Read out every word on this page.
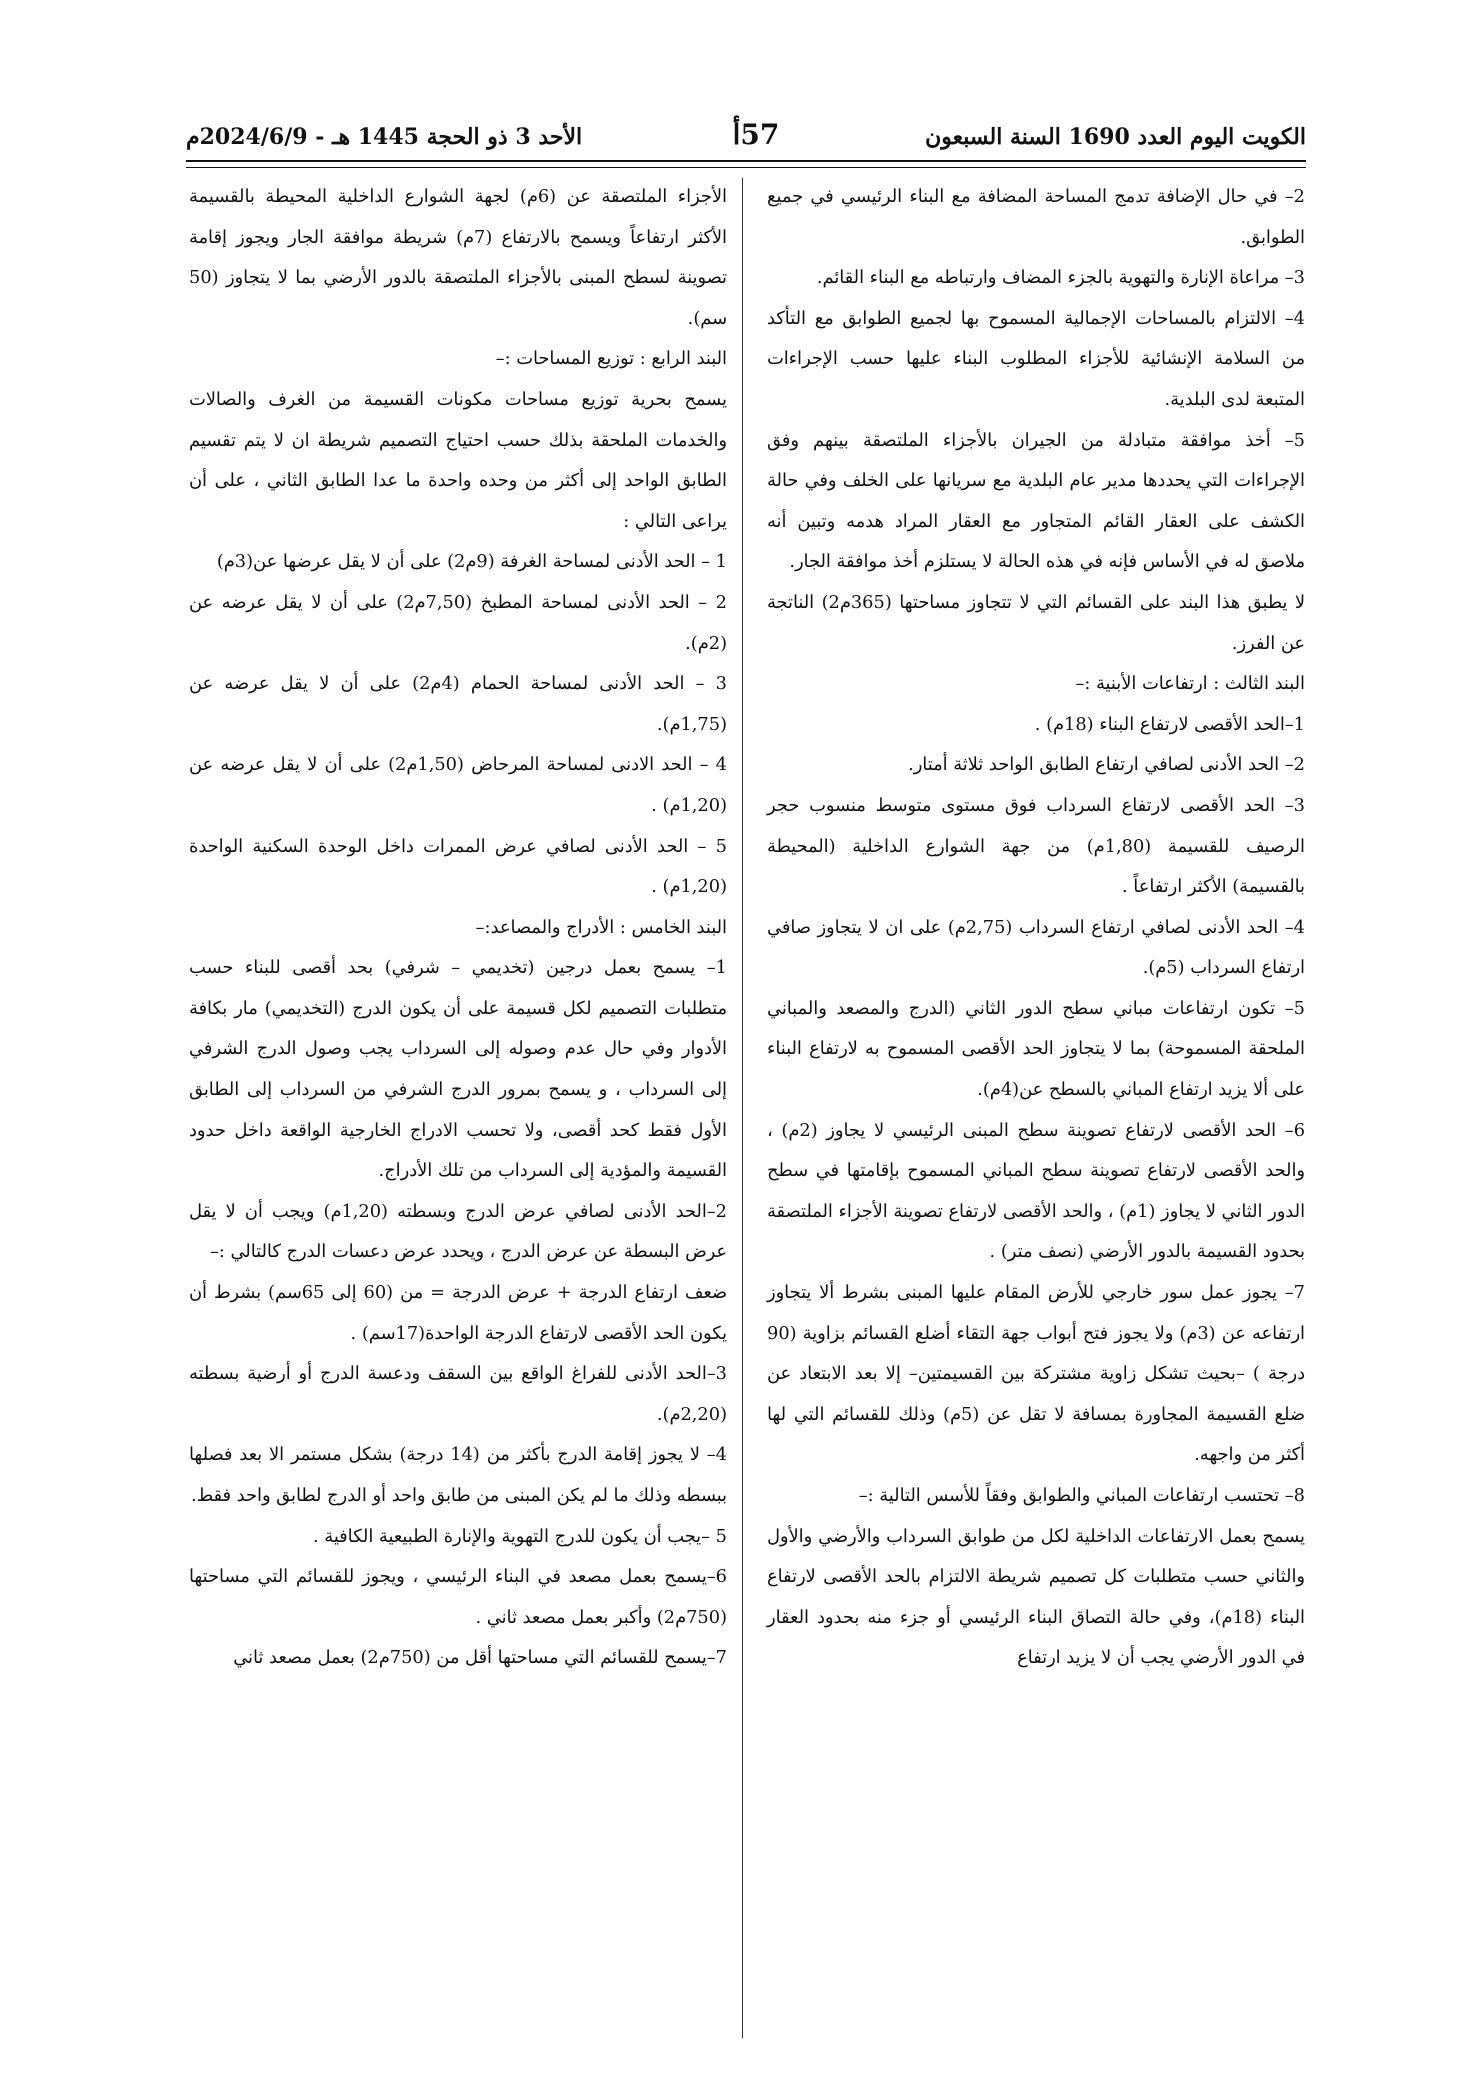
الكويت اليوم العدد 1690 السنة السبعون
57أ
الأحد 3 ذو الحجة 1445 هـ - 2024/6/9م

2– في حال الإضافة تدمج المساحة المضافة مع البناء الرئيسي في جميع الطوابق.

3– مراعاة الإنارة والتهوية بالجزء المضاف وارتباطه مع البناء القائم.

4– الالتزام بالمساحات الإجمالية المسموح بها لجميع الطوابق مع التأكد من السلامة الإنشائية للأجزاء المطلوب البناء عليها حسب الإجراءات المتبعة لدى البلدية.

5– أخذ موافقة متبادلة من الجيران بالأجزاء الملتصقة بينهم وفق الإجراءات التي يحددها مدير عام البلدية مع سريانها على الخلف وفي حالة الكشف على العقار القائم المتجاور مع العقار المراد هدمه وتبين أنه ملاصق له في الأساس فإنه في هذه الحالة لا يستلزم أخذ موافقة الجار.

لا يطبق هذا البند على القسائم التي لا تتجاوز مساحتها (365م2) الناتجة عن الفرز.

البند الثالث : ارتفاعات الأبنية :–

1–الحد الأقصى لارتفاع البناء (18م) .

2– الحد الأدنى لصافي ارتفاع الطابق الواحد ثلاثة أمتار.

3– الحد الأقصى لارتفاع السرداب فوق مستوى متوسط منسوب حجر الرصيف للقسيمة (1,80م) من جهة الشوارع الداخلية (المحيطة بالقسيمة) الأكثر ارتفاعاً .

4– الحد الأدنى لصافي ارتفاع السرداب (2,75م) على ان لا يتجاوز صافي ارتفاع السرداب (5م).

5– تكون ارتفاعات مباني سطح الدور الثاني (الدرج والمصعد والمباني الملحقة المسموحة) بما لا يتجاوز الحد الأقصى المسموح به لارتفاع البناء على ألا يزيد ارتفاع المباني بالسطح عن(4م).

6– الحد الأقصى لارتفاع تصوينة سطح المبنى الرئيسي لا يجاوز (2م) ، والحد الأقصى لارتفاع تصوينة سطح المباني المسموح بإقامتها في سطح الدور الثاني لا يجاوز (1م) ، والحد الأقصى لارتفاع تصوينة الأجزاء الملتصقة بحدود القسيمة بالدور الأرضي (نصف متر) .

7– يجوز عمل سور خارجي للأرض المقام عليها المبنى بشرط ألا يتجاوز ارتفاعه عن (3م) ولا يجوز فتح أبواب جهة التقاء أضلع القسائم بزاوية (90 درجة ) –بحيث تشكل زاوية مشتركة بين القسيمتين– إلا بعد الابتعاد عن ضلع القسيمة المجاورة بمسافة لا تقل عن (5م) وذلك للقسائم التي لها أكثر من واجهه.

8– تحتسب ارتفاعات المباني والطوابق وفقاً للأسس التالية :–

يسمح بعمل الارتفاعات الداخلية لكل من طوابق السرداب والأرضي والأول والثاني حسب متطلبات كل تصميم شريطة الالتزام بالحد الأقصى لارتفاع البناء (18م)، وفي حالة التصاق البناء الرئيسي أو جزء منه بحدود العقار في الدور الأرضي يجب أن لا يزيد ارتفاع

الأجزاء الملتصقة عن (6م) لجهة الشوارع الداخلية المحيطة بالقسيمة الأكثر ارتفاعاً ويسمح بالارتفاع (7م) شريطة موافقة الجار ويجوز إقامة تصوينة لسطح المبنى بالأجزاء الملتصقة بالدور الأرضي بما لا يتجاوز (50 سم).

البند الرابع : توزيع المساحات :–

يسمح بحرية توزيع مساحات مكونات القسيمة من الغرف والصالات والخدمات الملحقة بذلك حسب احتياج التصميم شريطة ان لا يتم تقسيم الطابق الواحد إلى أكثر من وحده واحدة ما عدا الطابق الثاني ، على أن يراعى التالي :

1 – الحد الأدنى لمساحة الغرفة (9م2) على أن لا يقل عرضها عن(3م)

2 – الحد الأدنى لمساحة المطبخ (7,50م2) على أن لا يقل عرضه عن (2م).

3 – الحد الأدنى لمساحة الحمام (4م2) على أن لا يقل عرضه عن (1,75م).

4 – الحد الادنى لمساحة المرحاض (1,50م2) على أن لا يقل عرضه عن (1,20م) .

5 – الحد الأدنى لصافي عرض الممرات داخل الوحدة السكنية الواحدة (1,20م) .

البند الخامس : الأدراج والمصاعد:–

1– يسمح بعمل درجين (تخديمي – شرفي) بحد أقصى للبناء حسب متطلبات التصميم لكل قسيمة على أن يكون الدرج (التخديمي) مار بكافة الأدوار وفي حال عدم وصوله إلى السرداب يجب وصول الدرج الشرفي إلى السرداب ، و يسمح بمرور الدرج الشرفي من السرداب إلى الطابق الأول فقط كحد أقصى، ولا تحسب الادراج الخارجية الواقعة داخل حدود القسيمة والمؤدية إلى السرداب من تلك الأدراج.

2–الحد الأدنى لصافي عرض الدرج وبسطته (1,20م) ويجب أن لا يقل عرض البسطة عن عرض الدرج ، ويحدد عرض دعسات الدرج كالتالي :–

ضعف ارتفاع الدرجة + عرض الدرجة = من (60 إلى 65سم) بشرط أن يكون الحد الأقصى لارتفاع الدرجة الواحدة(17سم) .

3–الحد الأدنى للفراغ الواقع بين السقف ودعسة الدرج أو أرضية بسطته (2,20م).

4– لا يجوز إقامة الدرج بأكثر من (14 درجة) بشكل مستمر الا بعد فصلها ببسطه وذلك ما لم يكن المبنى من طابق واحد أو الدرج لطابق واحد فقط.

5 –يجب أن يكون للدرج التهوية والإنارة الطبيعية الكافية .

6–يسمح بعمل مصعد في البناء الرئيسي ، ويجوز للقسائم التي مساحتها (750م2) وأكبر بعمل مصعد ثاني .

7–يسمح للقسائم التي مساحتها أقل من (750م2) بعمل مصعد ثاني
